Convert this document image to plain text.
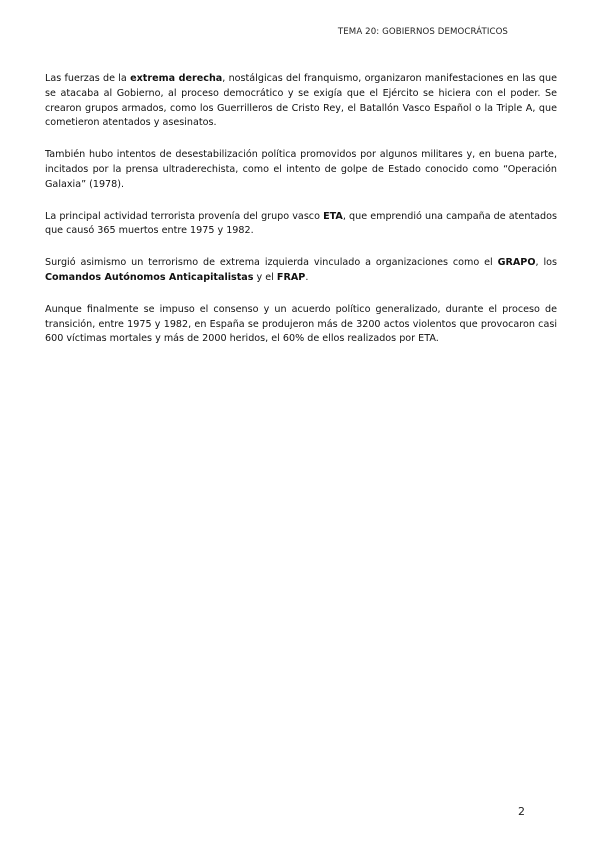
TEMA 20: GOBIERNOS DEMOCRÁTICOS

Las fuerzas de la extrema derecha, nostálgicas del franquismo, organizaron manifestaciones en las que se atacaba al Gobierno, al proceso democrático y se exigía que el Ejército se hiciera con el poder. Se crearon grupos armados, como los Guerrilleros de Cristo Rey, el Batallón Vasco Español o la Triple A, que cometieron atentados y asesinatos.

También hubo intentos de desestabilización política promovidos por algunos militares y, en buena parte, incitados por la prensa ultraderechista, como el intento de golpe de Estado conocido como “Operación Galaxia” (1978).

La principal actividad terrorista provenía del grupo vasco ETA, que emprendió una campaña de atentados que causó 365 muertos entre 1975 y 1982.

Surgió asimismo un terrorismo de extrema izquierda vinculado a organizaciones como el GRAPO, los Comandos Autónomos Anticapitalistas y el FRAP.

Aunque finalmente se impuso el consenso y un acuerdo político generalizado, durante el proceso de transición, entre 1975 y 1982, en España se produjeron más de 3200 actos violentos que provocaron casi 600 víctimas mortales y más de 2000 heridos, el 60% de ellos realizados por ETA.

2
